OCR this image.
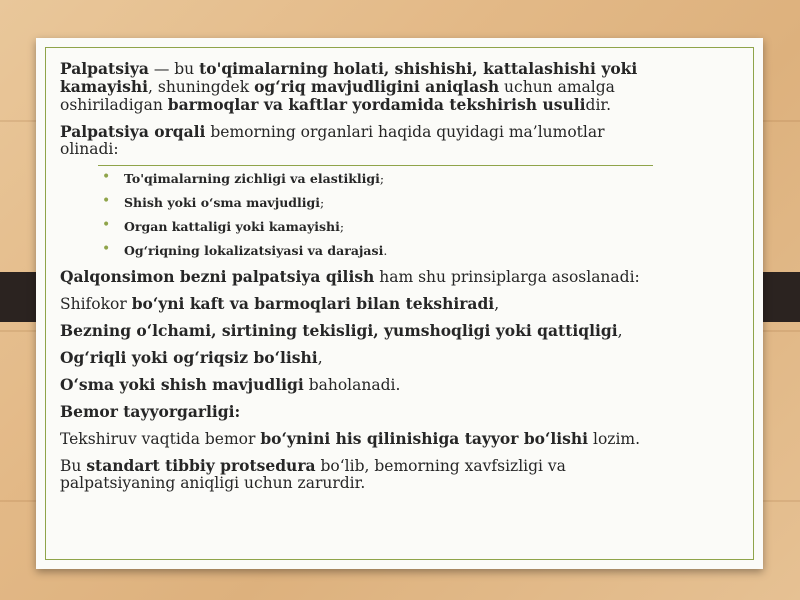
Palpatsiya — bu to'qimalarning holati, shishishi, kattalashishi yoki kamayishi, shuningdek og‘riq mavjudligini aniqlash uchun amalga oshiriladigan barmoqlar va kaftlar yordamida tekshirish usulidir.

Palpatsiya orqali bemorning organlari haqida quyidagi ma’lumotlar olinadi:

• To'qimalarning zichligi va elastikligi;
• Shish yoki o‘sma mavjudligi;
• Organ kattaligi yoki kamayishi;
• Og‘riqning lokalizatsiyasi va darajasi.

Qalqonsimon bezni palpatsiya qilish ham shu prinsiplarga asoslanadi:

Shifokor bo‘yni kaft va barmoqlari bilan tekshiradi,

Bezning o‘lchami, sirtining tekisligi, yumshoqligi yoki qattiqligi,

Og‘riqli yoki og‘riqsiz bo‘lishi,

O‘sma yoki shish mavjudligi baholanadi.

Bemor tayyorgarligi:

Tekshiruv vaqtida bemor bo‘ynini his qilinishiga tayyor bo‘lishi lozim.

Bu standart tibbiy protsedura bo‘lib, bemorning xavfsizligi va palpatsiyaning aniqligi uchun zarurdir.
